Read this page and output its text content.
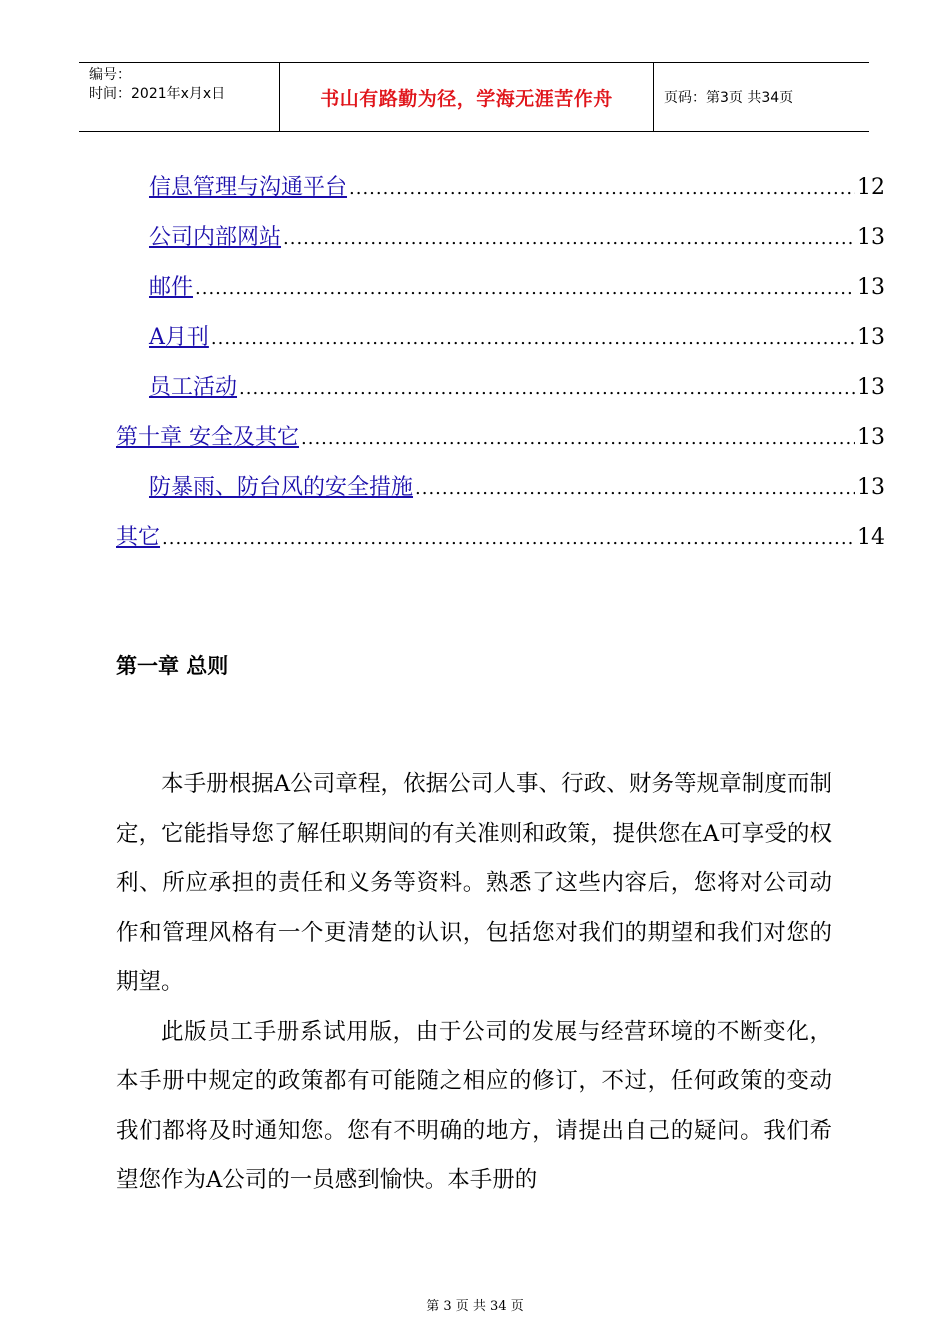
编号：
时间：2021年x月x日	书山有路勤为径，学海无涯苦作舟	页码：第3页 共34页
信息管理与沟通平台 .....	12
公司内部网站 .....	13
邮件 .....	13
A月刊 .....	13
员工活动 .....	13
第十章 安全及其它 .....	13
防暴雨、防台风的安全措施 .....	13
其它 .....	14
第一章 总则

本手册根据A公司章程，依据公司人事、行政、财务等规章制度而制定，它能指导您了解任职期间的有关准则和政策，提供您在A可享受的权利、所应承担的责任和义务等资料。熟悉了这些内容后，您将对公司动作和管理风格有一个更清楚的认识，包括您对我们的期望和我们对您的期望。

此版员工手册系试用版，由于公司的发展与经营环境的不断变化，本手册中规定的政策都有可能随之相应的修订，不过，任何政策的变动我们都将及时通知您。您有不明确的地方，请提出自己的疑问。我们希望您作为A公司的一员感到愉快。本手册的

第 3 页 共 34 页
